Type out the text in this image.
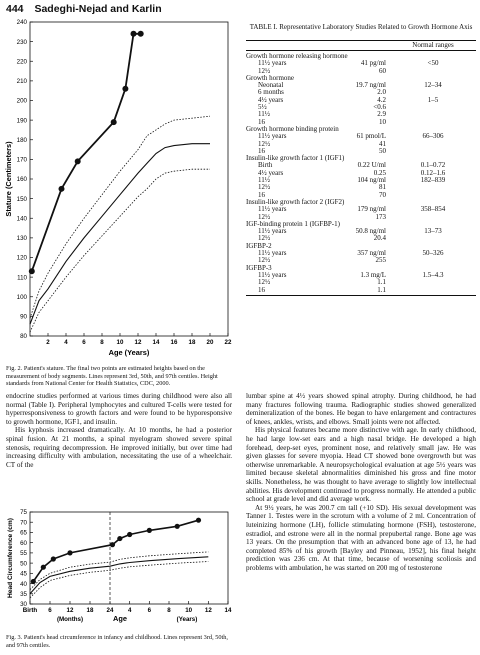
444 Sadeghi-Nejad and Karlin
80
90
100
110
120
130
140
150
160
170
180
190
200
210
220
230
240
2 4 6 8 10 12 14 16 18 20 22
Age (Years)
Stature (Centimeters)
Fig. 2. Patient's stature. The final two points are estimated heights based on the measurement of body segments. Lines represent 3rd, 50th, and 97th centiles. Height standards from National Center for Health Statistics, CDC, 2000.
TABLE I. Representative Laboratory Studies Related to Growth Hormone Axis
Normal ranges
Growth hormone releasing hormone
11½ years	41 pg/ml	<50
12½	60
Growth hormone
Neonatal	19.7 ng/ml	12–34
6 months	2.0
4½ years	4.2	1–5
5½	<0.6
11½	2.9
16	10
Growth hormone binding protein
11½ years	61 pmol/L	66–306
12½	41
16	50
Insulin-like growth factor 1 (IGF1)
Birth	0.22 U/ml	0.1–0.72
4½ years	0.25	0.12–1.6
11½	104 ng/ml	182–839
12½	81
16	70
Insulin-like growth factor 2 (IGF2)
11½ years	179 ng/ml	358–854
12½	173
IGF-binding protein 1 (IGFBP-1)
11½ years	50.8 ng/ml	13–73
12½	20.4
IGFBP-2
11½ years	357 ng/ml	50–326
12½	255
IGFBP-3
11½ years	1.3 mg/L	1.5–4.3
12½	1.1
16	1.1

endocrine studies performed at various times during childhood were also all normal (Table I). Peripheral lymphocytes and cultured T-cells were tested for hyperresponsiveness to growth factors and were found to be hyporesponsive to growth hormone, IGF1, and insulin.

His kyphosis increased dramatically. At 10 months, he had a posterior spinal fusion. At 21 months, a spinal myelogram showed severe spinal stenosis, requiring decompression. He improved initially, but over time had increasing difficulty with ambulation, necessitating the use of a wheelchair. CT of the

lumbar spine at 4½ years showed spinal atrophy. During childhood, he had many fractures following trauma. Radiographic studies showed generalized demineralization of the bones. He began to have enlargement and contractures of knees, ankles, wrists, and elbows. Small joints were not affected.

His physical features became more distinctive with age. In early childhood, he had large low-set ears and a high nasal bridge. He developed a high forehead, deep-set eyes, prominent nose, and relatively small jaw. He was given glasses for severe myopia. Head CT showed bone overgrowth but was otherwise unremarkable. A neuropsychological evaluation at age 5½ years was limited because skeletal abnormalities diminished his gross and fine motor skills. Nonetheless, he was thought to have average to slightly low intellectual abilities. His development continued to progress normally. He attended a public school at grade level and did average work.

At 9½ years, he was 200.7 cm tall (+10 SD). His sexual development was Tanner 1. Testes were in the scrotum with a volume of 2 ml. Concentration of luteinizing hormone (LH), follicle stimulating hormone (FSH), testosterone, estradiol, and estrone were all in the normal prepubertal range. Bone age was 13 years. On the presumption that with an advanced bone age of 13, he had completed 85% of his growth [Bayley and Pinneau, 1952], his final height prediction was 236 cm. At that time, because of worsening scoliosis and problems with ambulation, he was started on 200 mg of testosterone

30
35
40
45
50
55
60
65
70
75
Birth 6 12 18 24 4	6	8 10 12 14
(Months)	(Years)
Age
Head Circumference (cm)
Fig. 3. Patient's head circumference in infancy and childhood. Lines represent 3rd, 50th, and 97th centiles.
